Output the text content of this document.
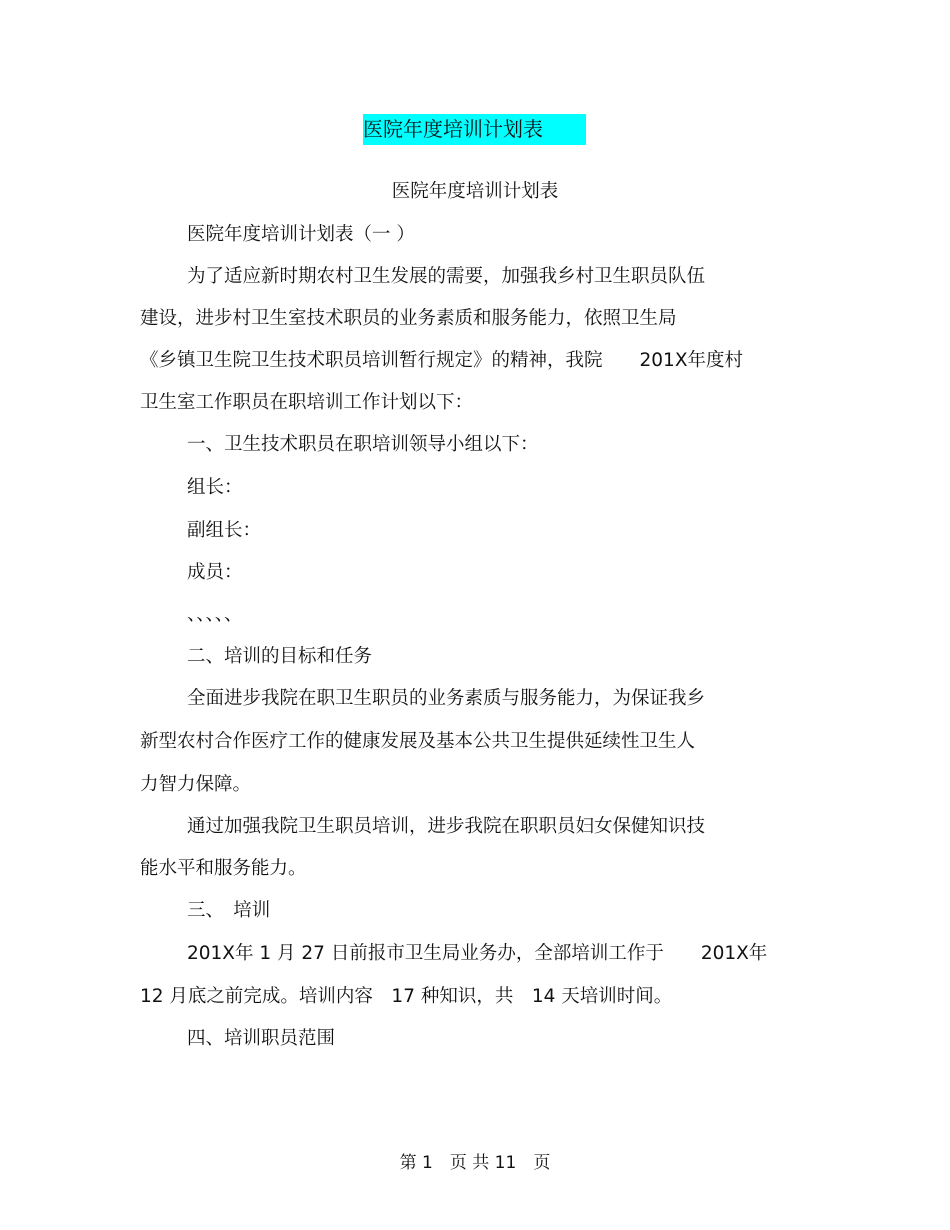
医院年度培训计划表
医院年度培训计划表
医院年度培训计划表（一 ）
为了适应新时期农村卫生发展的需要，加强我乡村卫生职员队伍
建设，进步村卫生室技术职员的业务素质和服务能力，依照卫生局
《乡镇卫生院卫生技术职员培训暂行规定》的精神，我院　　201X年度村
卫生室工作职员在职培训工作计划以下：
一、卫生技术职员在职培训领导小组以下：
组长：
副组长：
成员：
、、、、、
二、培训的目标和任务
全面进步我院在职卫生职员的业务素质与服务能力，为保证我乡
新型农村合作医疗工作的健康发展及基本公共卫生提供延续性卫生人
力智力保障。
通过加强我院卫生职员培训，进步我院在职职员妇女保健知识技
能水平和服务能力。
三、　培训
201X年 1 月 27 日前报市卫生局业务办，全部培训工作于　　201X年
12 月底之前完成。培训内容　17 种知识，共　14 天培训时间。
四、培训职员范围
第 1　页 共 11　页
